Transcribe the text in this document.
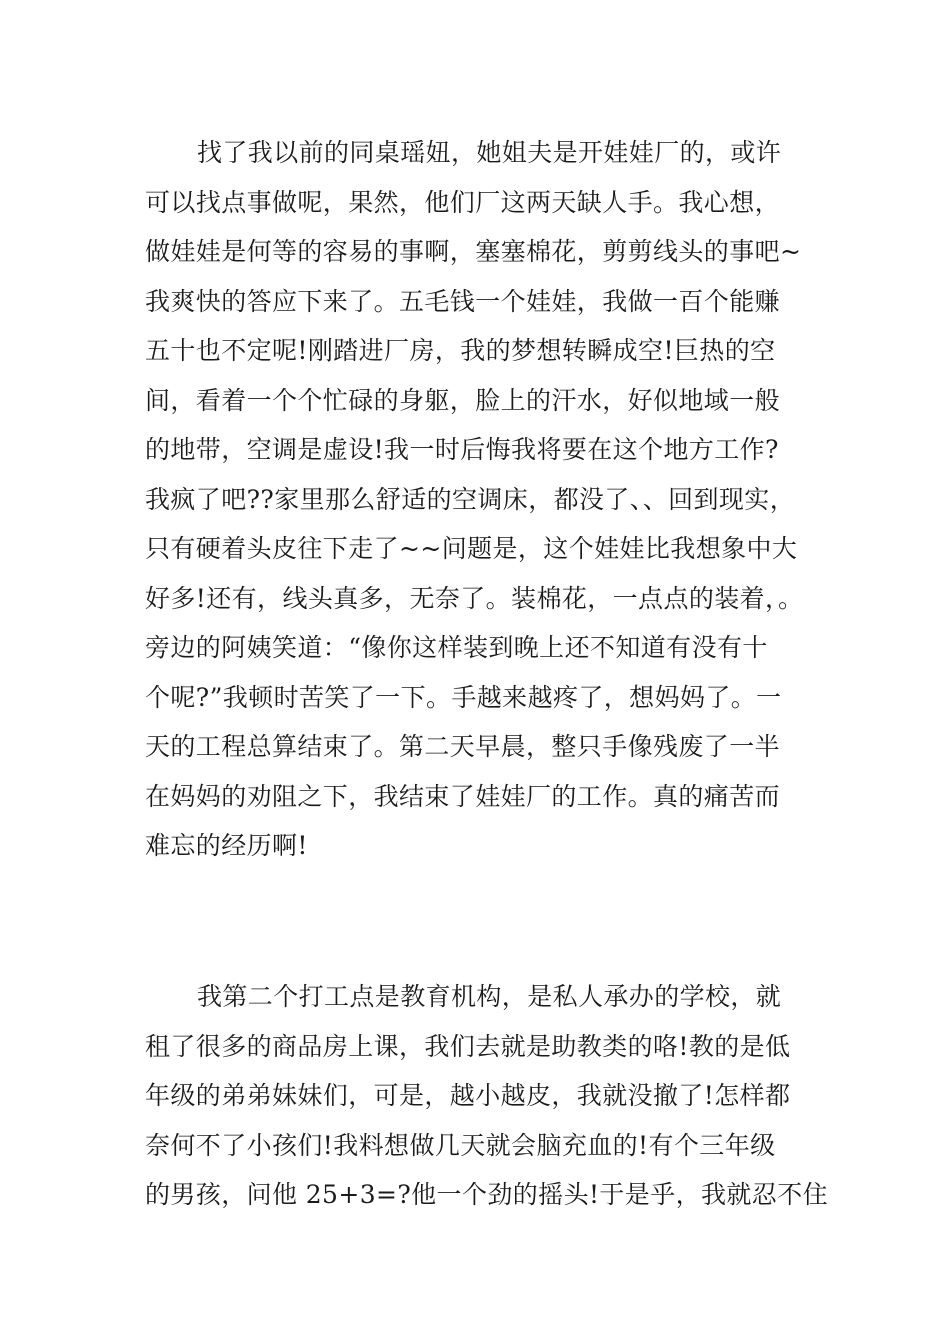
找了我以前的同桌瑶妞，她姐夫是开娃娃厂的，或许
可以找点事做呢，果然，他们厂这两天缺人手。我心想，
做娃娃是何等的容易的事啊，塞塞棉花，剪剪线头的事吧~
我爽快的答应下来了。五毛钱一个娃娃，我做一百个能赚
五十也不定呢!刚踏进厂房，我的梦想转瞬成空!巨热的空
间，看着一个个忙碌的身躯，脸上的汗水，好似地域一般
的地带，空调是虚设!我一时后悔我将要在这个地方工作?
我疯了吧??家里那么舒适的空调床，都没了、、回到现实，
只有硬着头皮往下走了~~问题是，这个娃娃比我想象中大
好多!还有，线头真多，无奈了。装棉花，一点点的装着，。
旁边的阿姨笑道：“像你这样装到晚上还不知道有没有十
个呢?”我顿时苦笑了一下。手越来越疼了，想妈妈了。一
天的工程总算结束了。第二天早晨，整只手像残废了一半
在妈妈的劝阻之下，我结束了娃娃厂的工作。真的痛苦而
难忘的经历啊!
我第二个打工点是教育机构，是私人承办的学校，就
租了很多的商品房上课，我们去就是助教类的咯!教的是低
年级的弟弟妹妹们，可是，越小越皮，我就没撤了!怎样都
奈何不了小孩们!我料想做几天就会脑充血的!有个三年级
的男孩，问他 25+3=?他一个劲的摇头!于是乎，我就忍不住
